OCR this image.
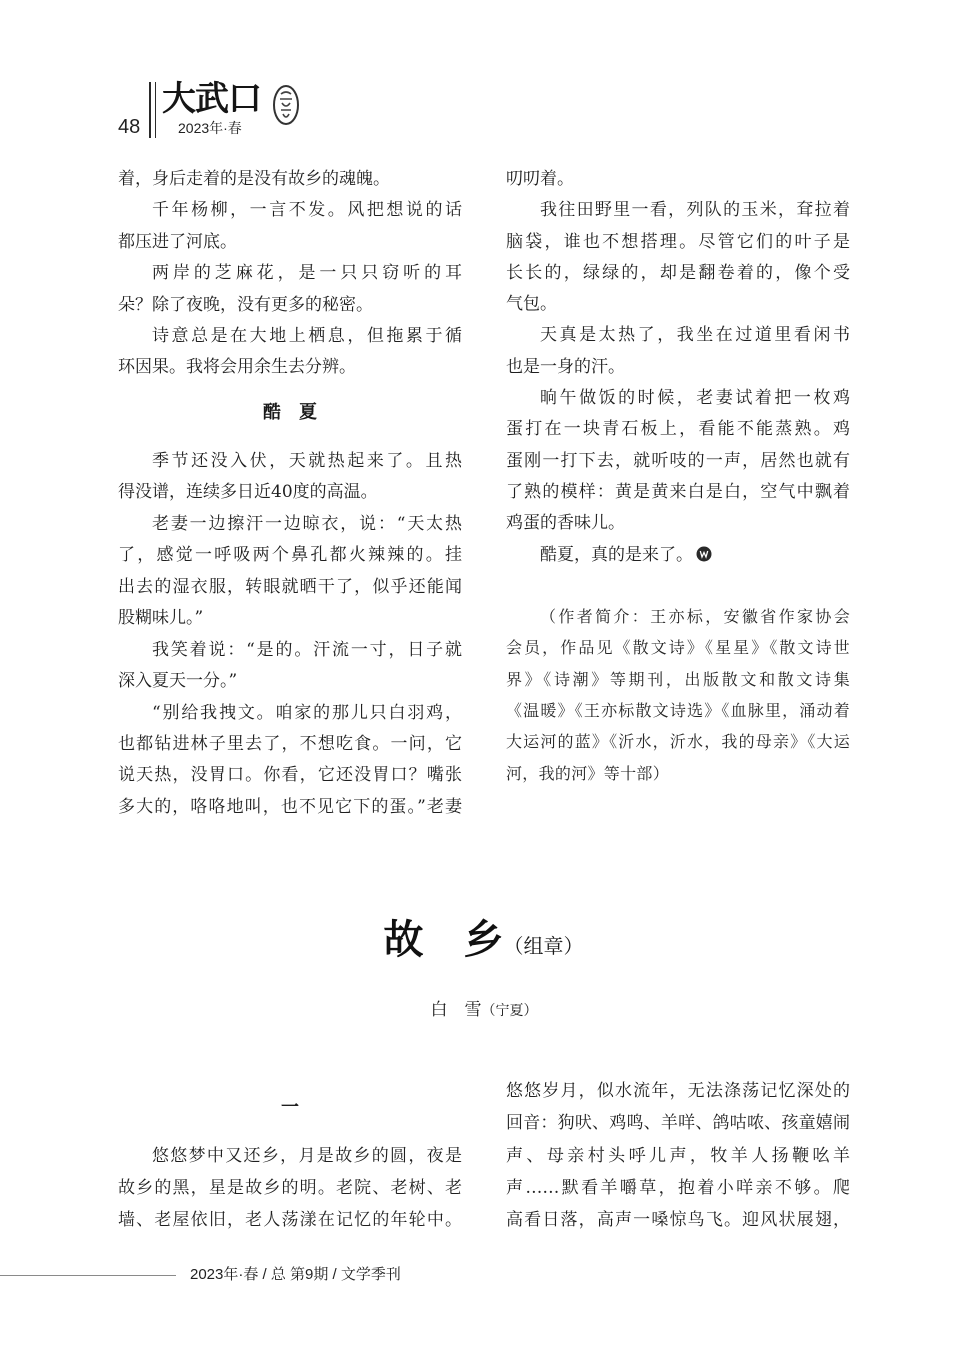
48
大武口
2023年·春
着，身后走着的是没有故乡的魂魄。
千年杨柳，一言不发。风把想说的话
都压进了河底。
两岸的芝麻花，是一只只窃听的耳
朵？除了夜晚，没有更多的秘密。
诗意总是在大地上栖息，但拖累于循
环因果。我将会用余生去分辨。
酷　夏
季节还没入伏，天就热起来了。且热
得没谱，连续多日近40度的高温。
老妻一边擦汗一边晾衣，说：“天太热
了，感觉一呼吸两个鼻孔都火辣辣的。挂
出去的湿衣服，转眼就晒干了，似乎还能闻
股糊味儿。”
我笑着说：“是的。汗流一寸，日子就
深入夏天一分。”
“别给我拽文。咱家的那儿只白羽鸡，
也都钻进林子里去了，不想吃食。一问，它
说天热，没胃口。你看，它还没胃口？嘴张
多大的，咯咯地叫，也不见它下的蛋。”老妻
叨叨着。
我往田野里一看，列队的玉米，耷拉着
脑袋，谁也不想搭理。尽管它们的叶子是
长长的，绿绿的，却是翻卷着的，像个受
气包。
天真是太热了，我坐在过道里看闲书
也是一身的汗。
晌午做饭的时候，老妻试着把一枚鸡
蛋打在一块青石板上，看能不能蒸熟。鸡
蛋刚一打下去，就听吱的一声，居然也就有
了熟的模样：黄是黄来白是白，空气中飘着
鸡蛋的香味儿。
酷夏，真的是来了。
（作者简介：王亦标，安徽省作家协会
会员，作品见《散文诗》《星星》《散文诗世
界》《诗潮》等期刊，出版散文和散文诗集
《温暖》《王亦标散文诗选》《血脉里，涌动着
大运河的蓝》《沂水，沂水，我的母亲》《大运
河，我的河》等十部）
故　乡（组章）
白　雪（宁夏）
一
悠悠梦中又还乡，月是故乡的圆，夜是
故乡的黑，星是故乡的明。老院、老树、老
墙、老屋依旧，老人荡漾在记忆的年轮中。
悠悠岁月，似水流年，无法涤荡记忆深处的
回音：狗吠、鸡鸣、羊咩、鸽咕哝、孩童嬉闹
声、母亲村头呼儿声，牧羊人扬鞭吆羊
声……默看羊嚼草，抱着小咩亲不够。爬
高看日落，高声一嗓惊鸟飞。迎风状展翅，
2023年·春 / 总 第9期 / 文学季刊
